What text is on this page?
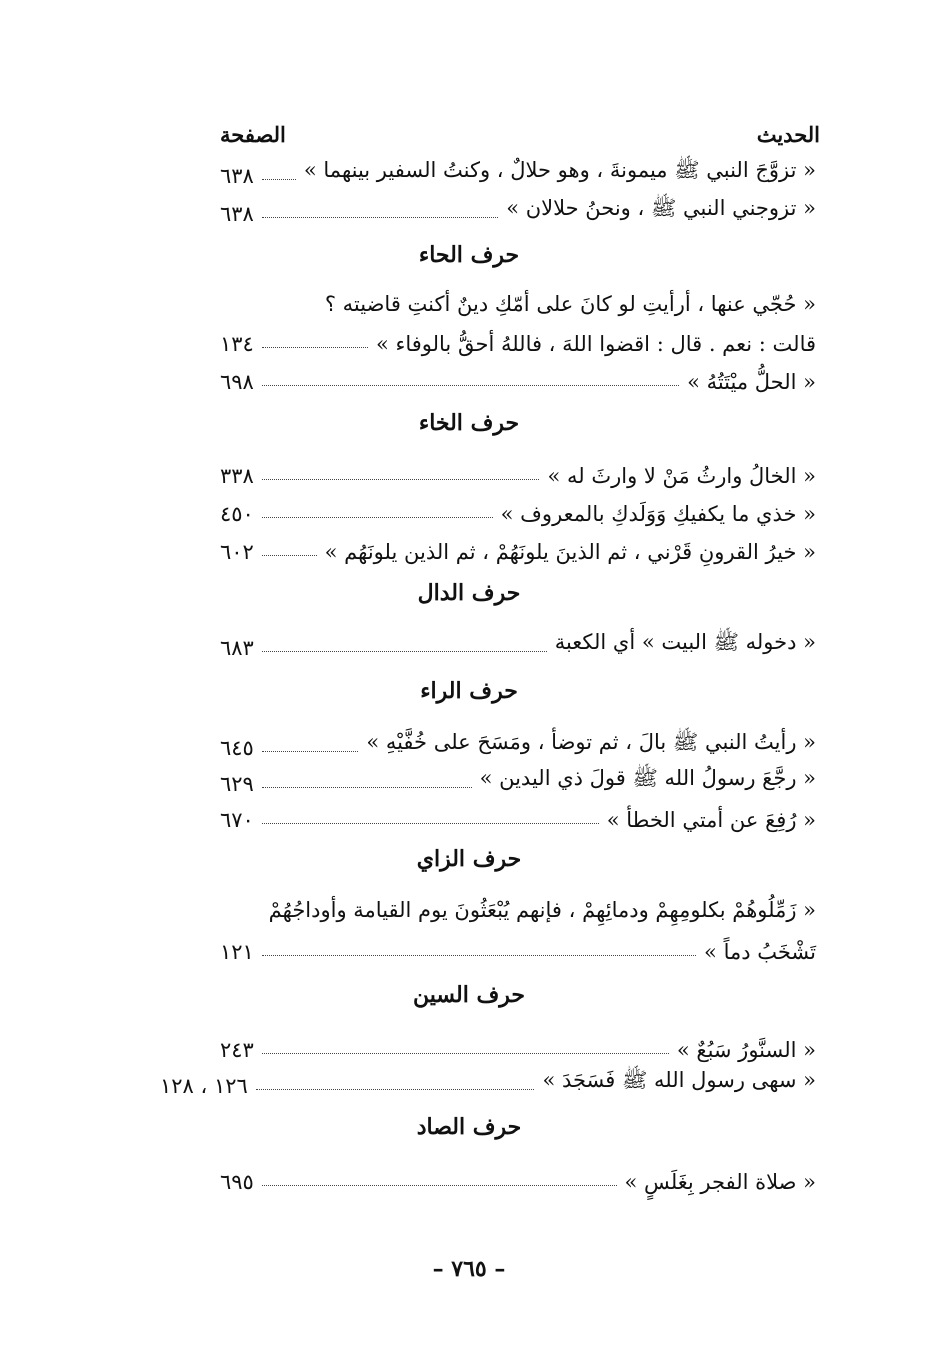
الحديث
الصفحة
« تزوَّجَ النبي ﷺ ميمونةَ ، وهو حلالٌ ، وكنتُ السفير بينهما »
٦٣٨
« تزوجني النبي ﷺ ، ونحنُ حلالان »
٦٣٨
حرف الحاء
« حُجّي عنها ، أرأيتِ لو كانَ على أمّكِ دينٌ أكنتِ قاضيته ؟
قالت : نعم . قال : اقضوا اللهَ ، فاللهُ أحقُّ بالوفاء »
١٣٤
« الحلُّ ميْتَتُهُ »
٦٩٨
حرف الخاء
« الخالُ وارثُ مَنْ لا وارثَ له »
٣٣٨
« خذي ما يكفيكِ وَوَلَدكِ بالمعروف »
٤٥٠
« خيرُ القرونِ قَرْني ، ثم الذينَ يلونَهُمْ ، ثم الذين يلونَهُم »
٦٠٢
حرف الدال
« دخوله ﷺ البيت » أي الكعبة
٦٨٣
حرف الراء
« رأيتُ النبي ﷺ بالَ ، ثم توضأ ، ومَسَحَ على خُفَّيْهِ »
٦٤٥
« رجَّعَ رسولُ الله ﷺ قولَ ذي اليدين »
٦٢٩
« رُفِعَ عن أمتي الخطأ »
٦٧٠
حرف الزاي
« زَمِّلُوهُمْ بكلومِهِمْ ودمائِهِمْ ، فإنهم يُبْعَثُونَ يوم القيامة وأوداجُهُمْ
تَشْخَبُ دماً »
١٢١
حرف السين
« السنَّورُ سَبُعٌ »
٢٤٣
« سهى رسول الله ﷺ فَسَجَدَ »
١٢٦ ، ١٢٨
حرف الصاد
« صلاة الفجر بِغَلَسٍ »
٦٩٥
– ٧٦٥ –
